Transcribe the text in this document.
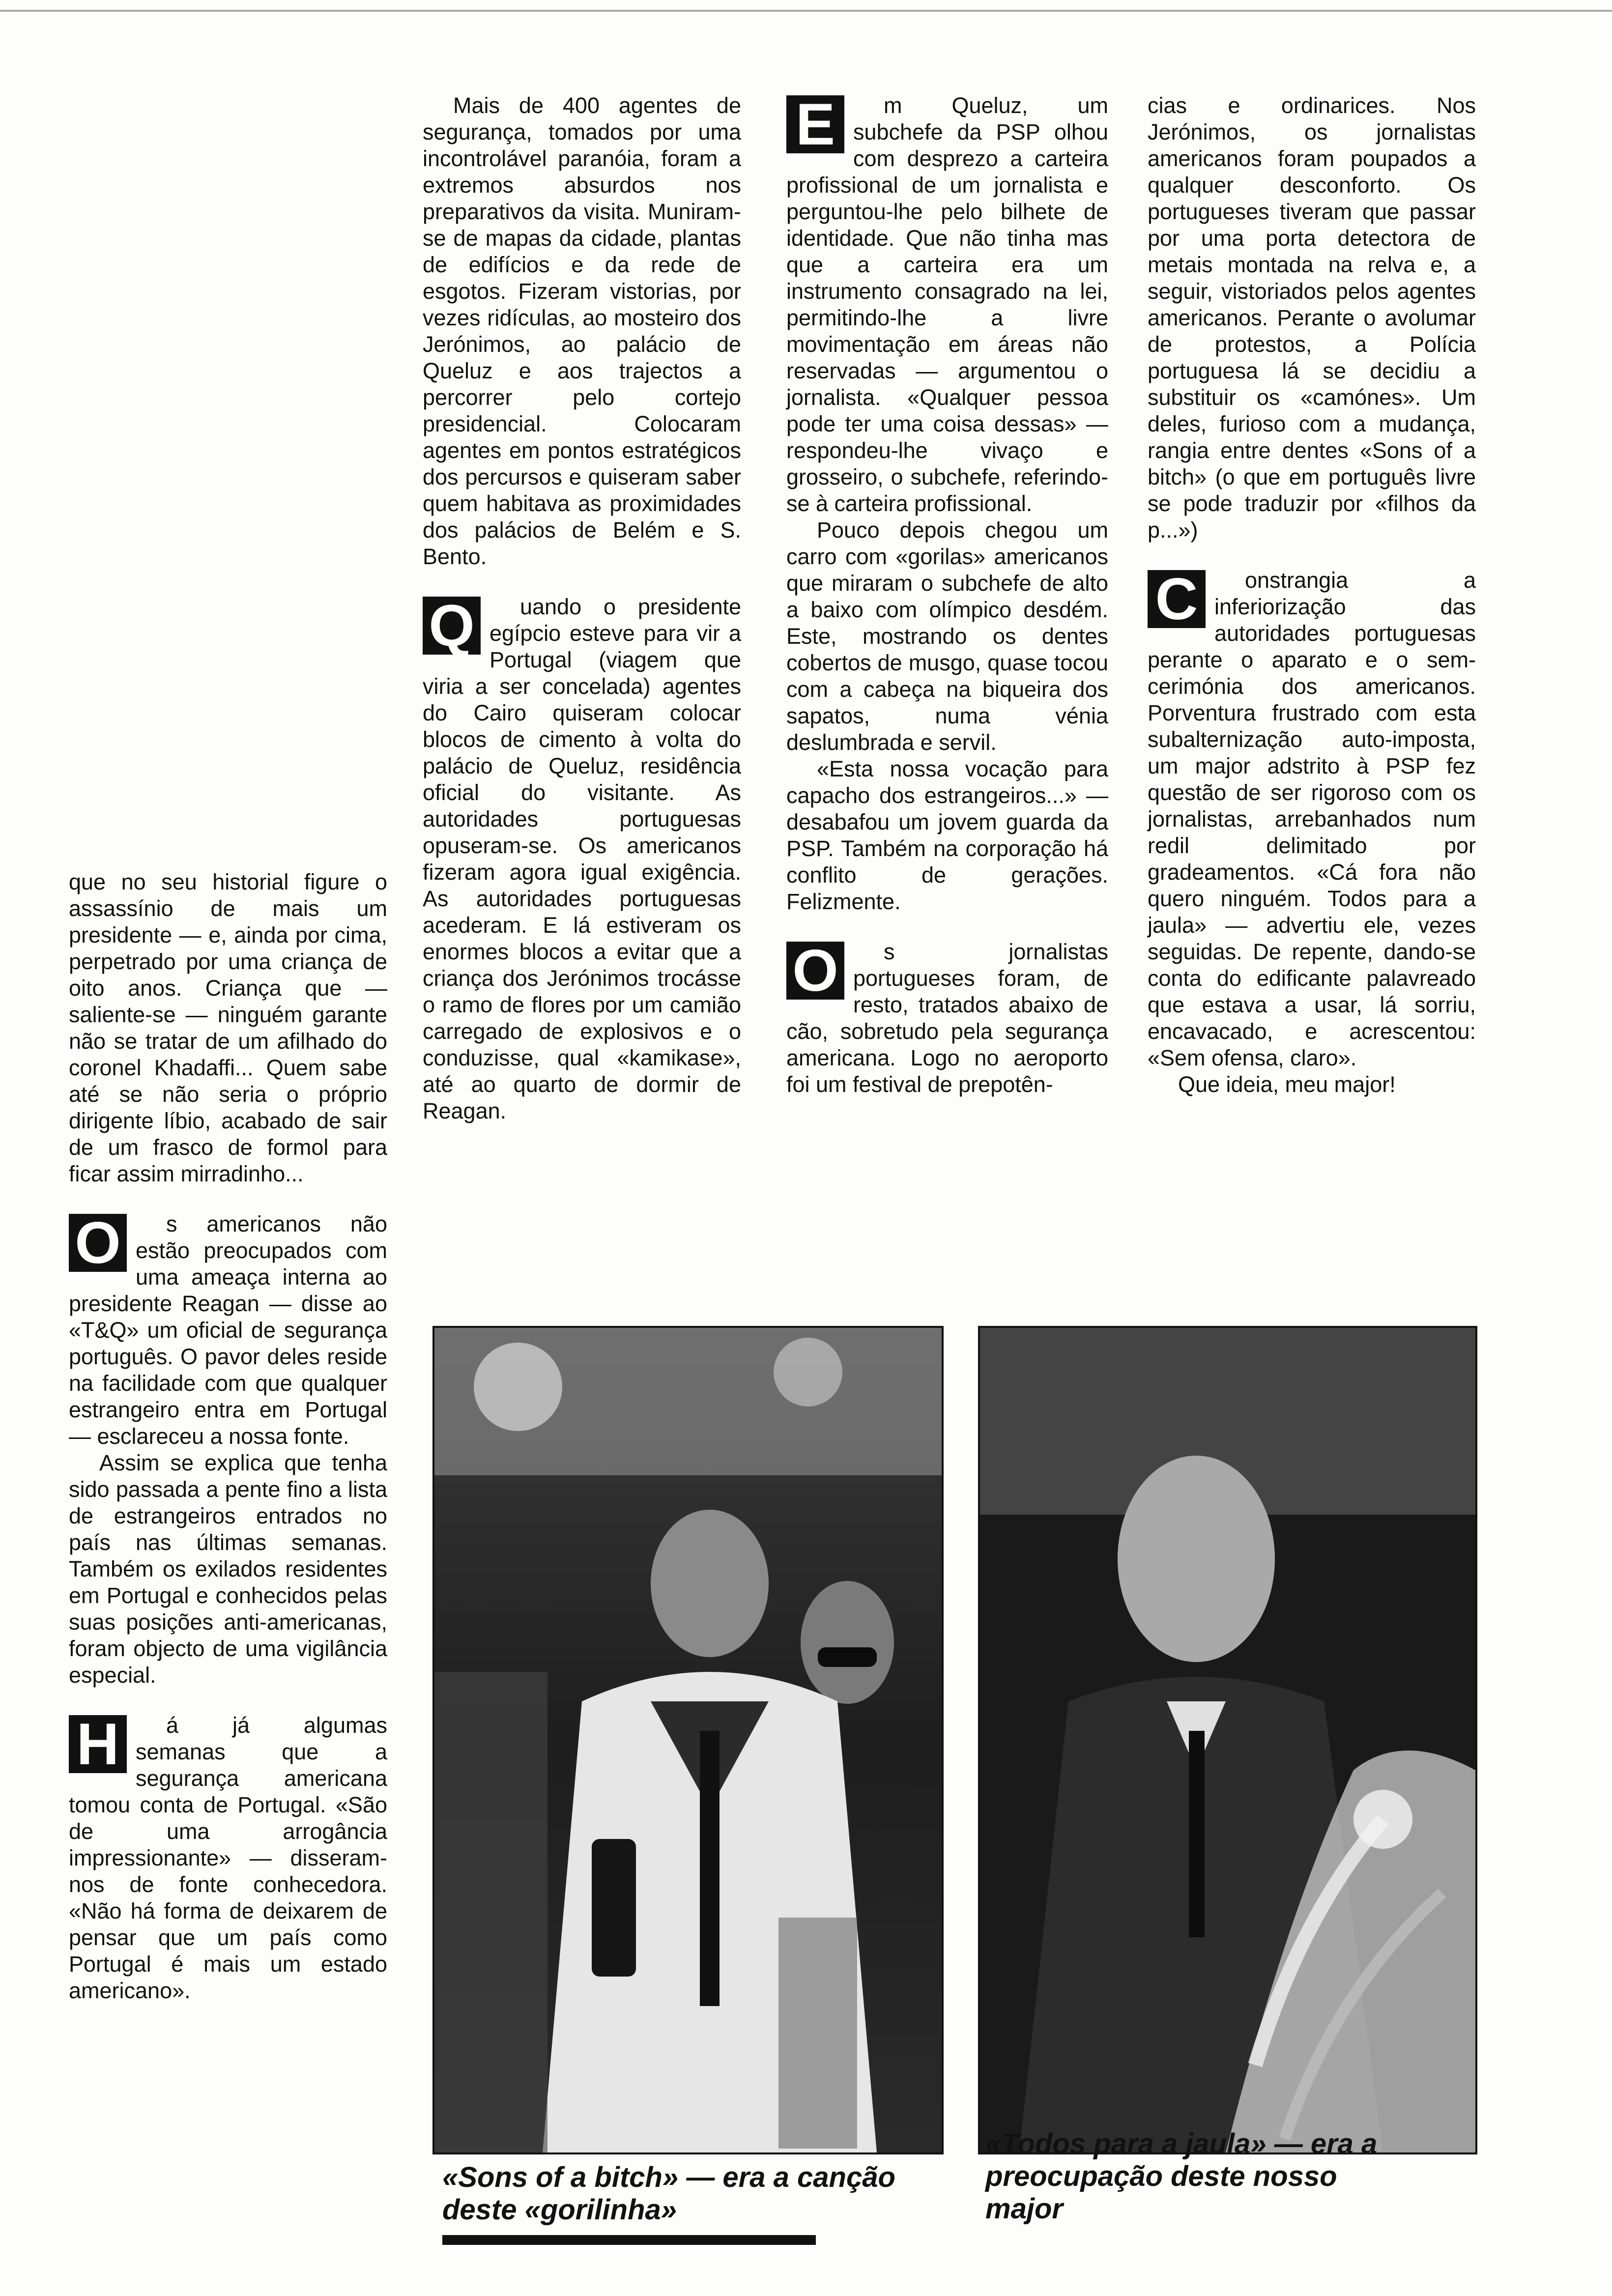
que no seu historial figure o assassínio de mais um presidente — e, ainda por cima, perpetrado por uma criança de oito anos. Criança que — saliente-se — ninguém garante não se tratar de um afilhado do coronel Khadaffi... Quem sabe até se não seria o próprio dirigente líbio, acabado de sair de um frasco de formol para ficar assim mirradinho...

O	s americanos não estão preocupados com uma ameaça interna ao presidente Reagan — disse ao «T&Q» um oficial de segurança português. O pavor deles reside na facilidade com que qualquer estrangeiro entra em Portugal — esclareceu a nossa fonte.

Assim se explica que tenha sido passada a pente fino a lista de estrangeiros entrados no país nas últimas semanas. Também os exilados residentes em Portugal e conhecidos pelas suas posições anti-americanas, foram objecto de uma vigilância especial.

H	á já algumas semanas que a segurança americana tomou conta de Portugal. «São de uma arrogância impressionante» — disseram-nos de fonte conhecedora. «Não há forma de deixarem de pensar que um país como Portugal é mais um estado americano».

Mais de 400 agentes de segurança, tomados por uma incontrolável paranóia, foram a extremos absurdos nos preparativos da visita. Muniram-se de mapas da cidade, plantas de edifícios e da rede de esgotos. Fizeram vistorias, por vezes ridículas, ao mosteiro dos Jerónimos, ao palácio de Queluz e aos trajectos a percorrer pelo cortejo presidencial. Colocaram agentes em pontos estratégicos dos percursos e quiseram saber quem habitava as proximidades dos palácios de Belém e S. Bento.

Q	uando o presidente egípcio esteve para vir a Portugal (viagem que viria a ser concelada) agentes do Cairo quiseram colocar blocos de cimento à volta do palácio de Queluz, residência oficial do visitante. As autoridades portuguesas opuseram-se. Os americanos fizeram agora igual exigência. As autoridades portuguesas acederam. E lá estiveram os enormes blocos a evitar que a criança dos Jerónimos trocásse o ramo de flores por um camião carregado de explosivos e o conduzisse, qual «kamikase», até ao quarto de dormir de Reagan.

E	m Queluz, um subchefe da PSP olhou com desprezo a carteira profissional de um jornalista e perguntou-lhe pelo bilhete de identidade. Que não tinha mas que a carteira era um instrumento consagrado na lei, permitindo-lhe a livre movimentação em áreas não reservadas — argumentou o jornalista. «Qualquer pessoa pode ter uma coisa dessas» — respondeu-lhe vivaço e grosseiro, o subchefe, referindo-se à carteira profissional.

Pouco depois chegou um carro com «gorilas» americanos que miraram o subchefe de alto a baixo com olímpico desdém. Este, mostrando os dentes cobertos de musgo, quase tocou com a cabeça na biqueira dos sapatos, numa vénia deslumbrada e servil.

«Esta nossa vocação para capacho dos estrangeiros...» — desabafou um jovem guarda da PSP. Também na corporação há conflito de gerações. Felizmente.

O	s jornalistas portugueses foram, de resto, tratados abaixo de cão, sobretudo pela segurança americana. Logo no aeroporto foi um festival de prepotên-

cias e ordinarices. Nos Jerónimos, os jornalistas americanos foram poupados a qualquer desconforto. Os portugueses tiveram que passar por uma porta detectora de metais montada na relva e, a seguir, vistoriados pelos agentes americanos. Perante o avolumar de protestos, a Polícia portuguesa lá se decidiu a substituir os «camónes». Um deles, furioso com a mudança, rangia entre dentes «Sons of a bitch» (o que em português livre se pode traduzir por «filhos da p...»)

C	onstrangia a inferiorização das autoridades portuguesas perante o aparato e o sem-cerimónia dos americanos. Porventura frustrado com esta subalternização auto-imposta, um major adstrito à PSP fez questão de ser rigoroso com os jornalistas, arrebanhados num redil delimitado por gradeamentos. «Cá fora não quero ninguém. Todos para a jaula» — advertiu ele, vezes seguidas. De repente, dando-se conta do edificante palavreado que estava a usar, lá sorriu, encavacado, e acrescentou: «Sem ofensa, claro».

Que ideia, meu major!

«Sons of a bitch» — era a canção deste «gorilinha»
«Todos para a jaula» — era a preocupação deste nosso major
